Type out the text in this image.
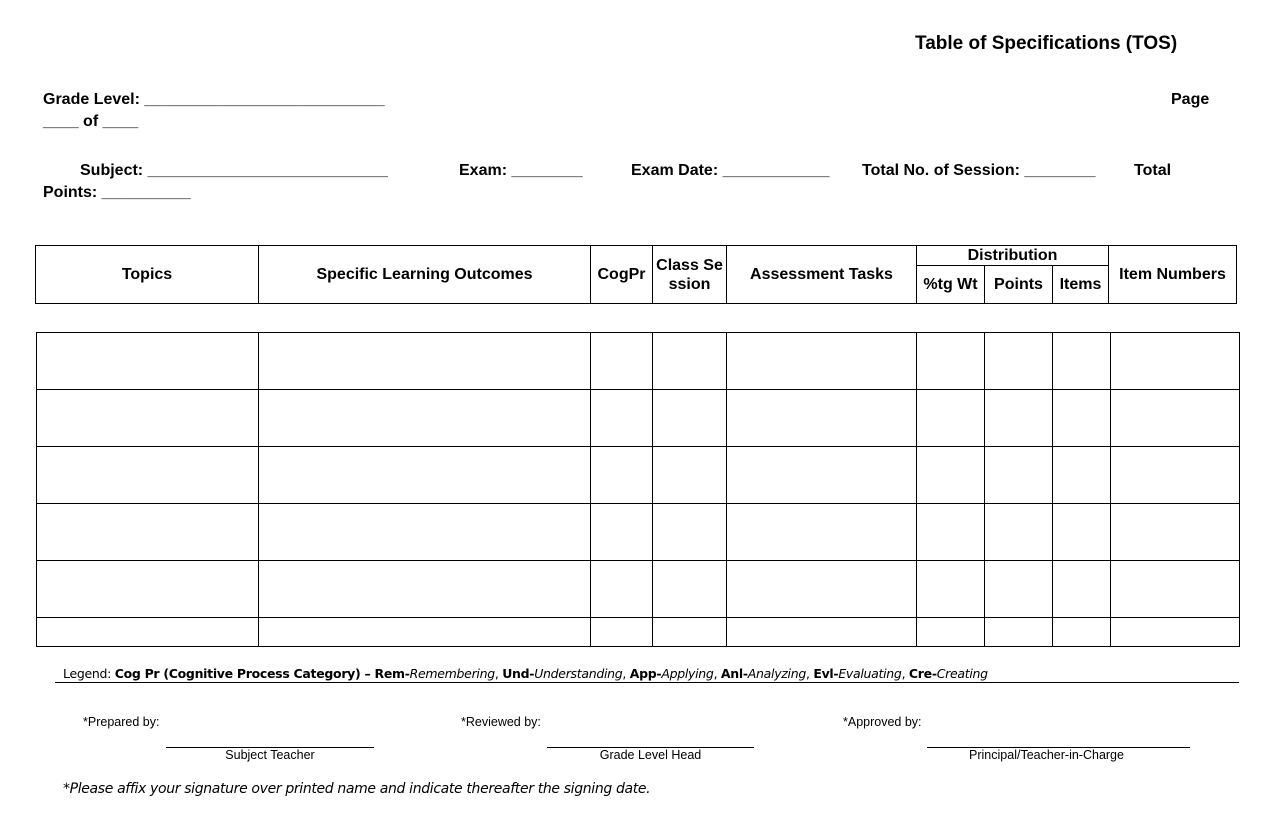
Table of Specifications (TOS)
Grade Level: ___________________________	Page
____ of ____
Subject: ___________________________	Exam: ________	Exam Date: ____________ Total No. of Session: ________ Total
Points: __________
Topics	Specific Learning Outcomes	CogPr	Class Session	Assessment Tasks	Distribution			Item Numbers
					%tg Wt	Points	Items	

Legend: Cog Pr (Cognitive Process Category) – Rem-Remembering, Und-Understanding, App-Applying, Anl-Analyzing, Evl-Evaluating, Cre-Creating
*Prepared by:
Subject Teacher
*Reviewed by:
Grade Level Head
*Approved by:
Principal/Teacher-in-Charge
*Please affix your signature over printed name and indicate thereafter the signing date.
